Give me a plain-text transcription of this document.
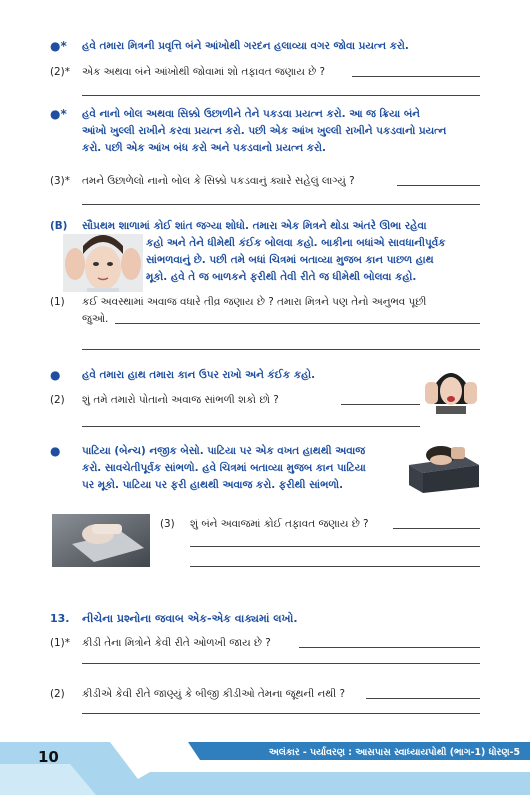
●* હવે તમારા મિત્રની પ્રવૃત્તિ બંને આંખોથી ગરદન હલાવ્યા વગર જોવા પ્રયત્ન કરો.
(2)* એક અથવા બંને આંખોથી જોવામાં શો તફાવત જણાય છે ?
●* હવે નાનો બોલ અથવા સિક્કો ઉછાળીને તેને પકડવા પ્રયત્ન કરો. આ જ ક્રિયા બંને
આંખો ખુલ્લી રાખીને કરવા પ્રયત્ન કરો. પછી એક આંખ ખુલ્લી રાખીને પકડવાનો પ્રયત્ન
કરો. પછી એક આંખ બંધ કરો અને પકડવાનો પ્રયત્ન કરો.
(3)* તમને ઉછાળેલો નાનો બોલ કે સિક્કો પકડવાનું ક્યારે સહેલું લાગ્યું ?
(B) સૌપ્રથમ શાળામાં કોઈ શાંત જગ્યા શોધો. તમારા એક મિત્રને થોડા અંતરે ઊભા રહેવા
કહો અને તેને ધીમેથી કંઈક બોલવા કહો. બાકીના બધાંએ સાવધાનીપૂર્વક
સાંભળવાનું છે. પછી તમે બધાં ચિત્રમાં બતાવ્યા મુજબ કાન પાછળ હાથ
મૂકો. હવે તે જ બાળકને ફરીથી તેવી રીતે જ ધીમેથી બોલવા કહો.
(1) કઈ અવસ્થામાં અવાજ વધારે તીવ્ર જણાય છે ? તમારા મિત્રને પણ તેનો અનુભવ પૂછી
જુઓ.
● હવે તમારા હાથ તમારા કાન ઉપર રાખો અને કંઈક કહો.
(2) શું તમે તમારો પોતાનો અવાજ સાંભળી શકો છો ?
● પાટિયા (બેન્ચ) નજીક બેસો. પાટિયા પર એક વખત હાથથી અવાજ
કરો. સાવચેતીપૂર્વક સાંભળો. હવે ચિત્રમાં બતાવ્યા મુજબ કાન પાટિયા
પર મૂકો. પાટિયા પર ફરી હાથથી અવાજ કરો. ફરીથી સાંભળો.
(3) શું બંને અવાજમાં કોઈ તફાવત જણાય છે ?
13. નીચેના પ્રશ્નોના જવાબ એક-એક વાક્યમાં લખો.
(1)* કીડી તેના મિત્રોને કેવી રીતે ઓળખી જાય છે ?
(2) કીડીએ કેવી રીતે જાણ્યું કે બીજી કીડીઓ તેમના જૂથની નથી ?
10	અલંકાર - પર્યાવરણ : આસપાસ સ્વાધ્યાયપોથી (ભાગ-1) ધોરણ-5
